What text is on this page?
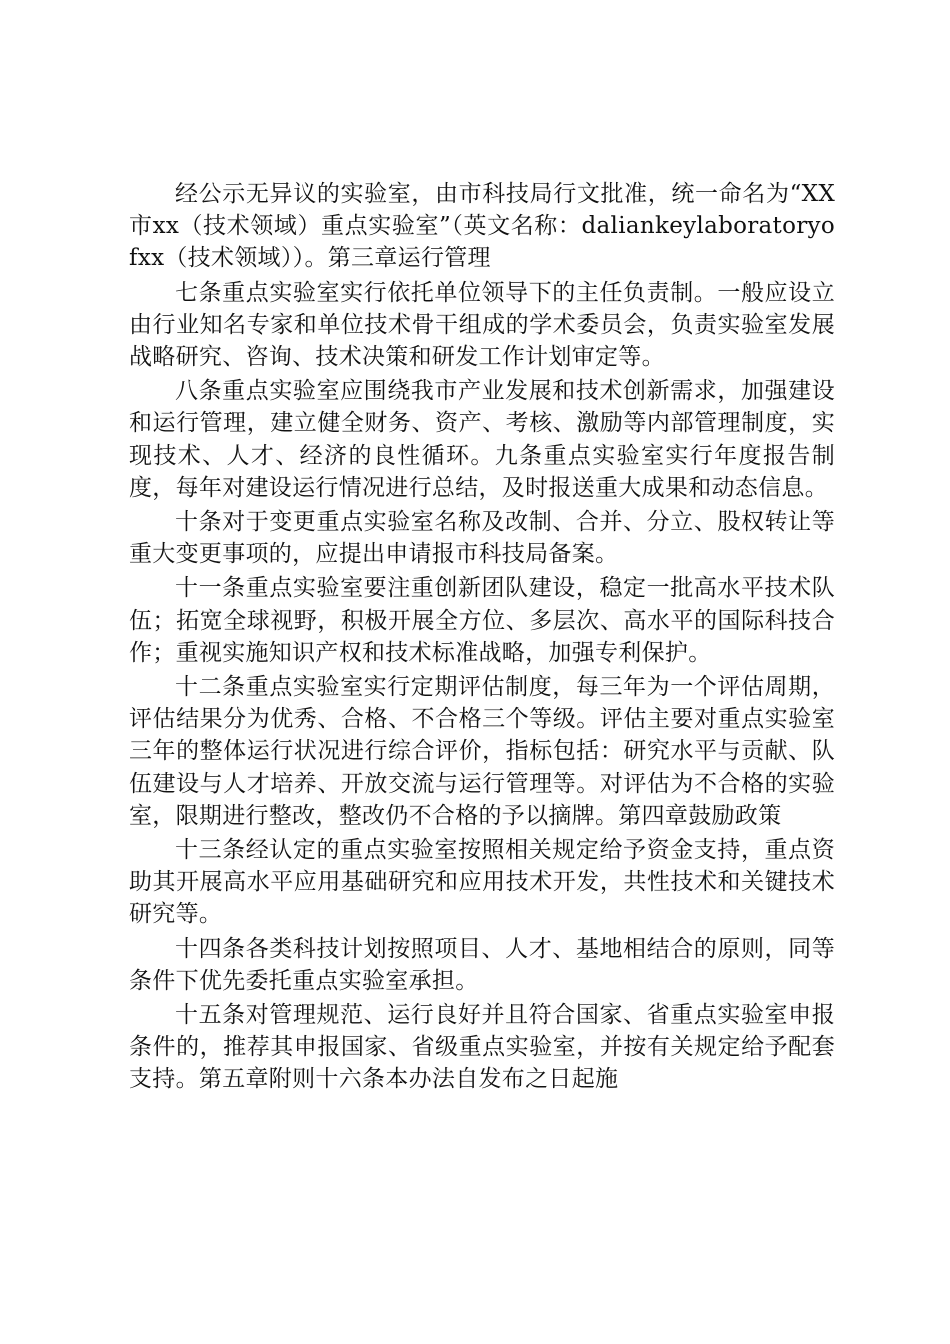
经公示无异议的实验室，由市科技局行文批准，统一命名为“XX市xx（技术领域）重点实验室”（英文名称：daliankeylaboratoryofxx（技术领域））。第三章运行管理

七条重点实验室实行依托单位领导下的主任负责制。一般应设立由行业知名专家和单位技术骨干组成的学术委员会，负责实验室发展战略研究、咨询、技术决策和研发工作计划审定等。

八条重点实验室应围绕我市产业发展和技术创新需求，加强建设和运行管理，建立健全财务、资产、考核、激励等内部管理制度，实现技术、人才、经济的良性循环。九条重点实验室实行年度报告制度，每年对建设运行情况进行总结，及时报送重大成果和动态信息。

十条对于变更重点实验室名称及改制、合并、分立、股权转让等重大变更事项的，应提出申请报市科技局备案。

十一条重点实验室要注重创新团队建设，稳定一批高水平技术队伍；拓宽全球视野，积极开展全方位、多层次、高水平的国际科技合作；重视实施知识产权和技术标准战略，加强专利保护。

十二条重点实验室实行定期评估制度，每三年为一个评估周期，评估结果分为优秀、合格、不合格三个等级。评估主要对重点实验室三年的整体运行状况进行综合评价，指标包括：研究水平与贡献、队伍建设与人才培养、开放交流与运行管理等。对评估为不合格的实验室，限期进行整改，整改仍不合格的予以摘牌。第四章鼓励政策

十三条经认定的重点实验室按照相关规定给予资金支持，重点资助其开展高水平应用基础研究和应用技术开发，共性技术和关键技术研究等。

十四条各类科技计划按照项目、人才、基地相结合的原则，同等条件下优先委托重点实验室承担。

十五条对管理规范、运行良好并且符合国家、省重点实验室申报条件的，推荐其申报国家、省级重点实验室，并按有关规定给予配套支持。第五章附则十六条本办法自发布之日起施
